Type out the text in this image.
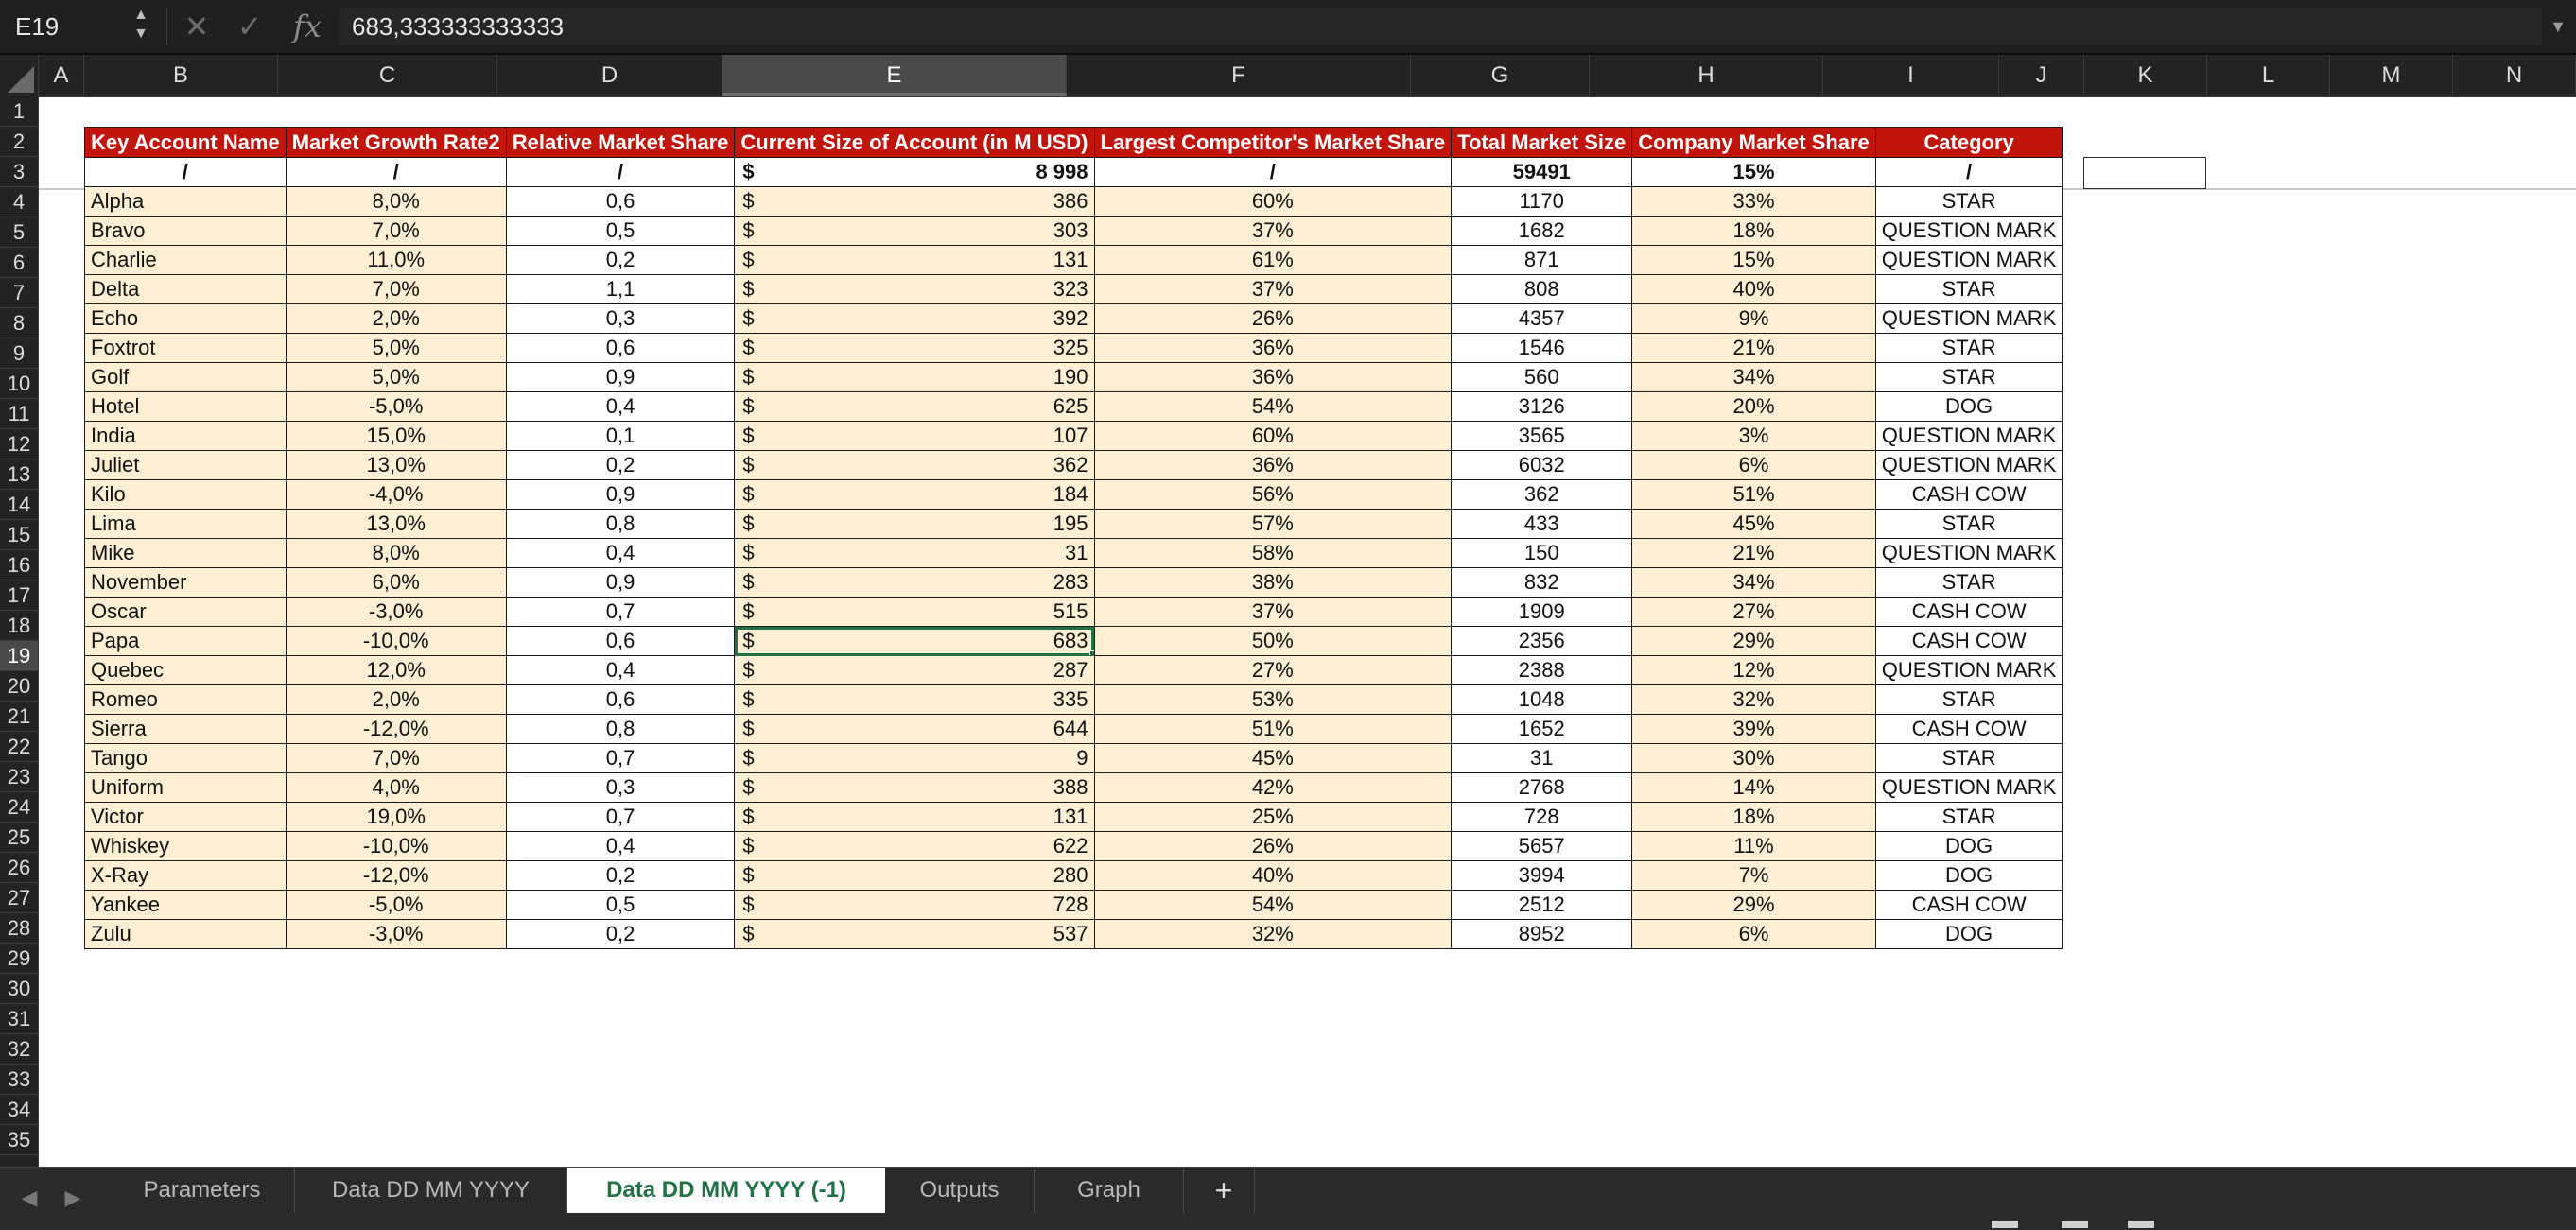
E19	▲
▼ ✕ ✓ fx	683,333333333333	▼
A	B	C	D	E	F	G	H	I	J	K	L	M	N
1
2
3
4
5
6
7
8
9
10
11
12
13
14
15
16
17
18
19
20
21
22
23
24
25
26
27
28
29
30
31
32
33
34
35
Key Account Name	Market Growth Rate2	Relative Market Share	Current Size of Account (in M USD)	Largest Competitor's Market Share	Total Market Size	Company Market Share	Category
/	/	/	$ 8 998	/	59491	15%	/
Alpha	8,0%	0,6	$ 386	60%	1170	33%	STAR
Bravo	7,0%	0,5	$ 303	37%	1682	18%	QUESTION MARK
Charlie	11,0%	0,2	$ 131	61%	871	15%	QUESTION MARK
Delta	7,0%	1,1	$ 323	37%	808	40%	STAR
Echo	2,0%	0,3	$ 392	26%	4357	9%	QUESTION MARK
Foxtrot	5,0%	0,6	$ 325	36%	1546	21%	STAR
Golf	5,0%	0,9	$ 190	36%	560	34%	STAR
Hotel	-5,0%	0,4	$ 625	54%	3126	20%	DOG
India	15,0%	0,1	$ 107	60%	3565	3%	QUESTION MARK
Juliet	13,0%	0,2	$ 362	36%	6032	6%	QUESTION MARK
Kilo	-4,0%	0,9	$ 184	56%	362	51%	CASH COW
Lima	13,0%	0,8	$ 195	57%	433	45%	STAR
Mike	8,0%	0,4	$ 31	58%	150	21%	QUESTION MARK
November	6,0%	0,9	$ 283	38%	832	34%	STAR
Oscar	-3,0%	0,7	$ 515	37%	1909	27%	CASH COW
Papa	-10,0%	0,6	$ 683	50%	2356	29%	CASH COW
Quebec	12,0%	0,4	$ 287	27%	2388	12%	QUESTION MARK
Romeo	2,0%	0,6	$ 335	53%	1048	32%	STAR
Sierra	-12,0%	0,8	$ 644	51%	1652	39%	CASH COW
Tango	7,0%	0,7	$ 9	45%	31	30%	STAR
Uniform	4,0%	0,3	$ 388	42%	2768	14%	QUESTION MARK
Victor	19,0%	0,7	$ 131	25%	728	18%	STAR
Whiskey	-10,0%	0,4	$ 622	26%	5657	11%	DOG
X-Ray	-12,0%	0,2	$ 280	40%	3994	7%	DOG
Yankee	-5,0%	0,5	$ 728	54%	2512	29%	CASH COW
Zulu	-3,0%	0,2	$ 537	32%	8952	6%	DOG
◀ ▶	Parameters	Data DD MM YYYY	Data DD MM YYYY (-1)	Outputs	Graph	+
